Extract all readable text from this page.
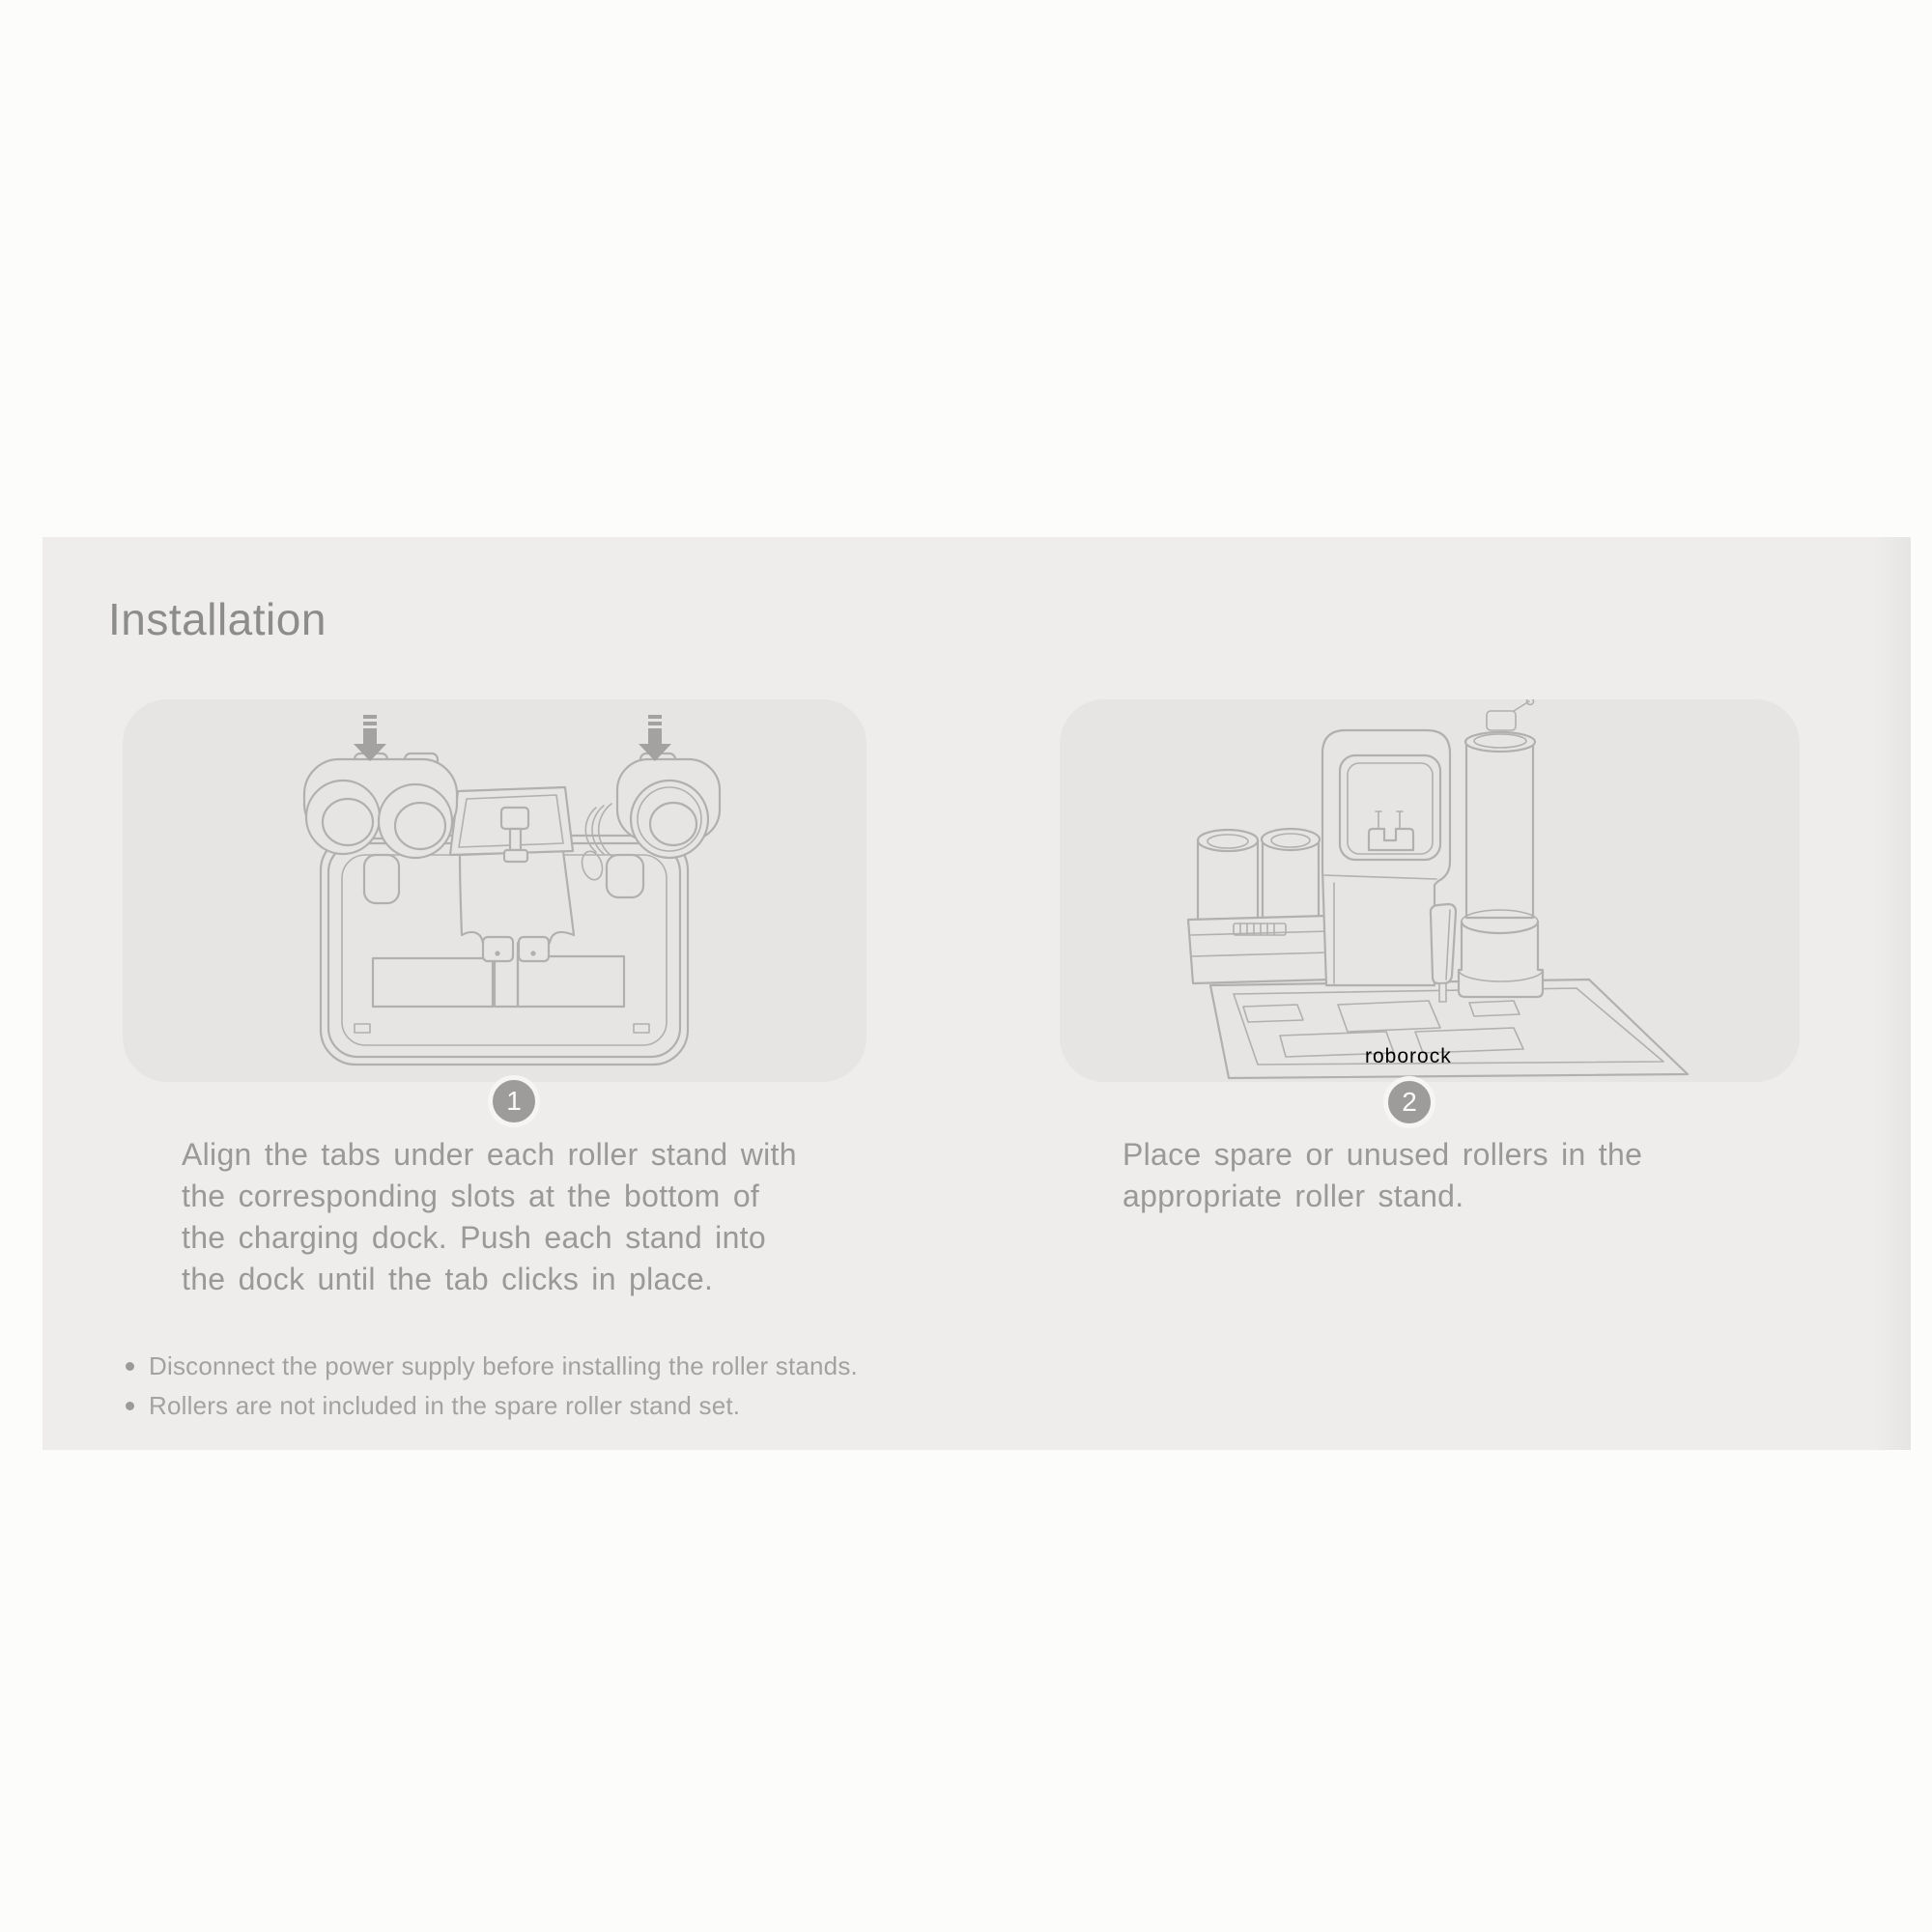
Installation
roborock
1	2
Align the tabs under each roller stand with
the corresponding slots at the bottom of
the charging dock. Push each stand into
the dock until the tab clicks in place.
Place spare or unused rollers in the
appropriate roller stand.
Disconnect the power supply before installing the roller stands.
Rollers are not included in the spare roller stand set.
